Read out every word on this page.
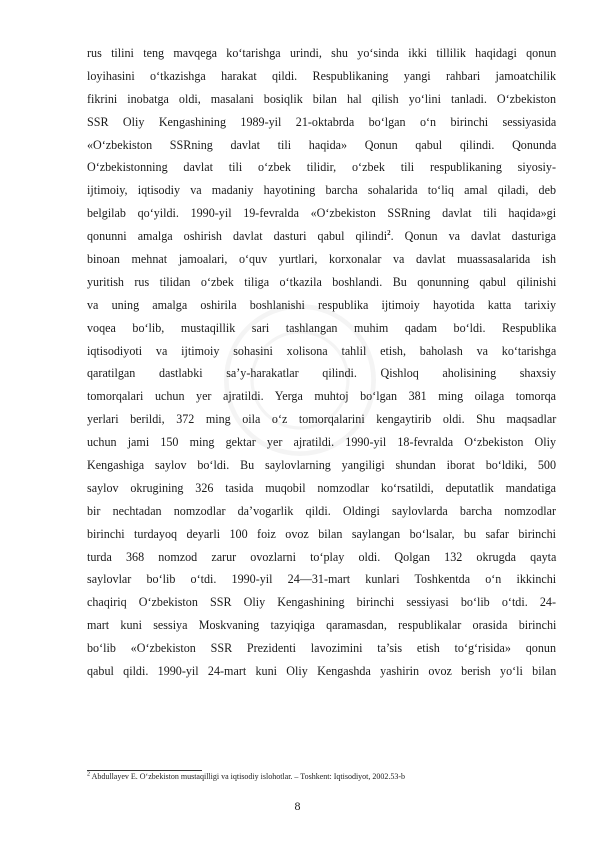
rus tilini teng mavqega ko‘tarishga urindi, shu yo‘sinda ikki tillilik haqidagi qonun
loyihasini o‘tkazishga harakat qildi. Respublikaning yangi rahbari jamoatchilik
fikrini inobatga oldi, masalani bosiqlik bilan hal qilish yo‘lini tanladi. O‘zbekiston
SSR Oliy Kengashining 1989-yil 21-oktabrda bo‘lgan o‘n birinchi sessiyasida
«O‘zbekiston SSRning davlat tili haqida» Qonun qabul qilindi. Qonunda
O‘zbekistonning davlat tili o‘zbek tilidir, o‘zbek tili respublikaning siyosiy-
ijtimoiy, iqtisodiy va madaniy hayotining barcha sohalarida to‘liq amal qiladi, deb
belgilab qo‘yildi. 1990-yil 19-fevralda «O‘zbekiston SSRning davlat tili haqida»gi
qonunni amalga oshirish davlat dasturi qabul qilindi$^2$. Qonun va davlat dasturiga
binoan mehnat jamoalari, o‘quv yurtlari, korxonalar va davlat muassasalarida ish
yuritish rus tilidan o‘zbek tiliga o‘tkazila boshlandi. Bu qonunning qabul qilinishi
va uning amalga oshirila boshlanishi respublika ijtimoiy hayotida katta tarixiy
voqea bo‘lib, mustaqillik sari tashlangan muhim qadam bo‘ldi. Respublika
iqtisodiyoti va ijtimoiy sohasini xolisona tahlil etish, baholash va ko‘tarishga
qaratilgan dastlabki sa’y-harakatlar qilindi. Qishloq aholisining shaxsiy
tomorqalari uchun yer ajratildi. Yerga muhtoj bo‘lgan 381 ming oilaga tomorqa
yerlari berildi, 372 ming oila o‘z tomorqalarini kengaytirib oldi. Shu maqsadlar
uchun jami 150 ming gektar yer ajratildi. 1990-yil 18-fevralda O‘zbekiston Oliy
Kengashiga saylov bo‘ldi. Bu saylovlarning yangiligi shundan iborat bo‘ldiki, 500
saylov okrugining 326 tasida muqobil nomzodlar ko‘rsatildi, deputatlik mandatiga
bir nechtadan nomzodlar da’vogarlik qildi. Oldingi saylovlarda barcha nomzodlar
birinchi turdayoq deyarli 100 foiz ovoz bilan saylangan bo‘lsalar, bu safar birinchi
turda 368 nomzod zarur ovozlarni to‘play oldi. Qolgan 132 okrugda qayta
saylovlar bo‘lib o‘tdi. 1990-yil 24—31-mart kunlari Toshkentda o‘n ikkinchi
chaqiriq O‘zbekiston SSR Oliy Kengashining birinchi sessiyasi bo‘lib o‘tdi. 24-
mart kuni sessiya Moskvaning tazyiqiga qaramasdan, respublikalar orasida birinchi
bo‘lib «O‘zbekiston SSR Prezidenti lavozimini ta’sis etish to‘g‘risida» qonun
qabul qildi. 1990-yil 24-mart kuni Oliy Kengashda yashirin ovoz berish yo‘li bilan
$^2$ Abdullayev E. O‘zbekiston mustaqilligi va iqtisodiy islohotlar. – Toshkent: Iqtisodiyot, 2002.53-b
8
